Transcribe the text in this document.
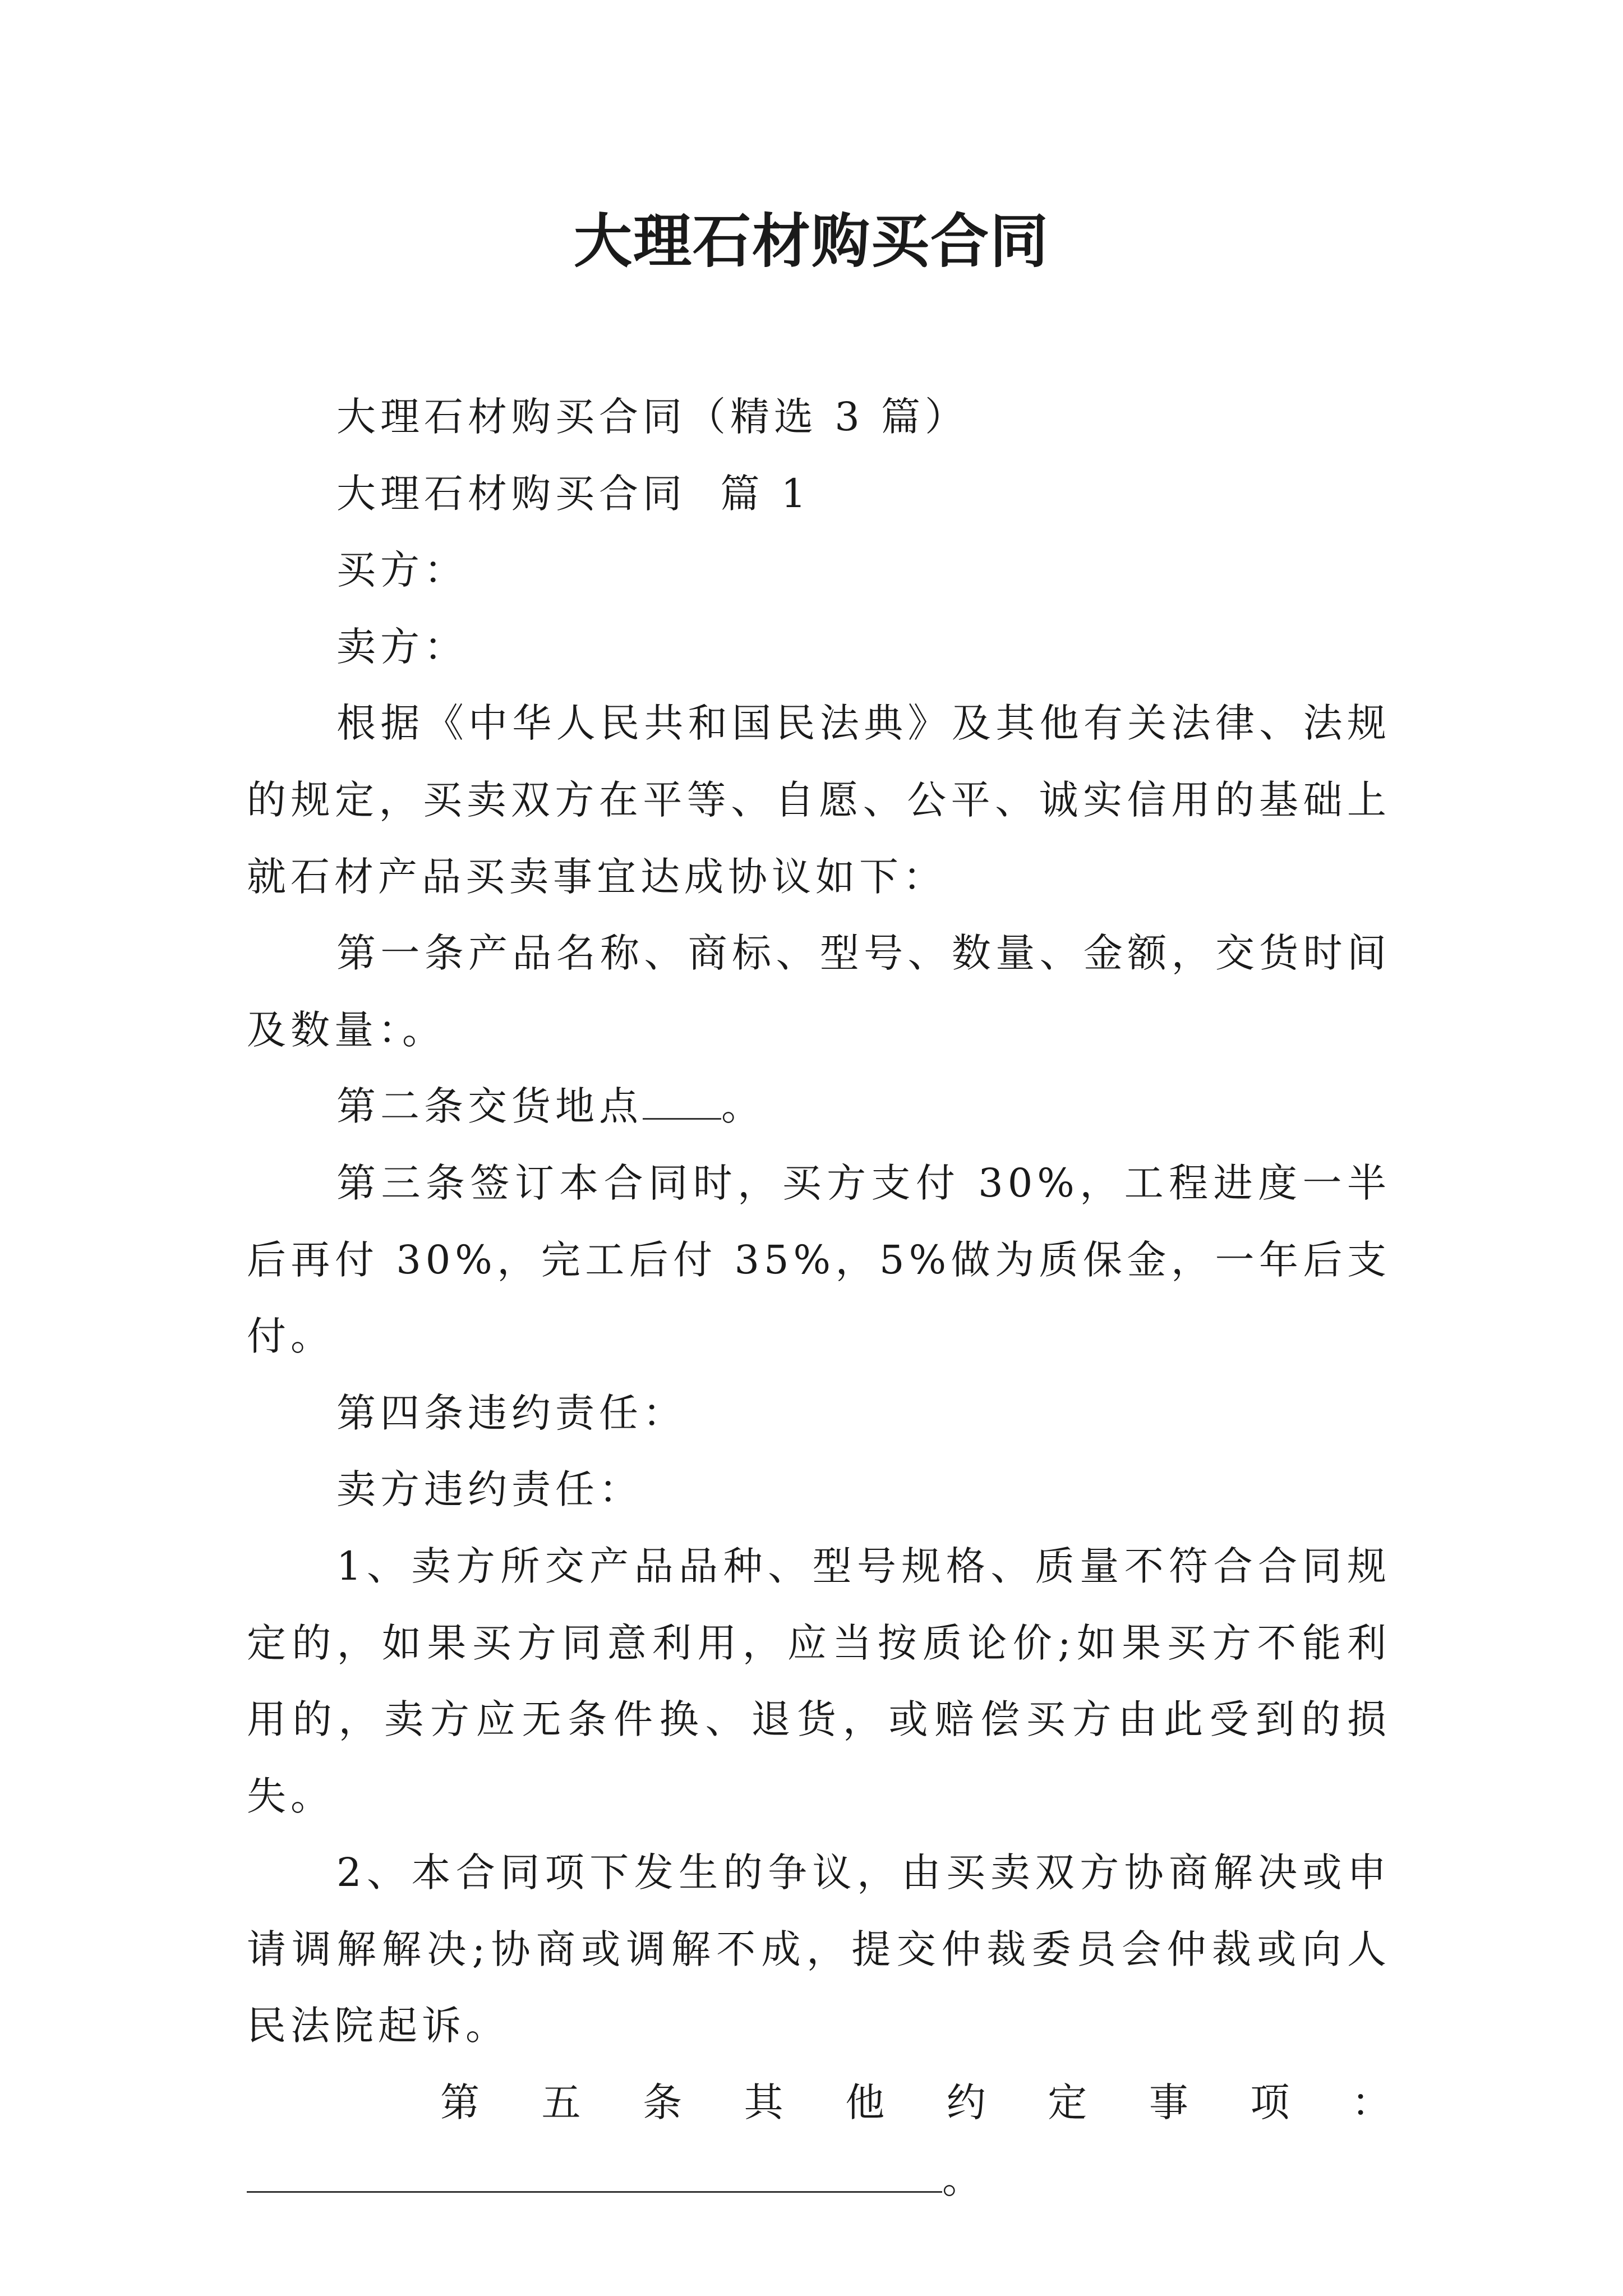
大理石材购买合同

大理石材购买合同（精选 3 篇）

大理石材购买合同  篇 1

买方：

卖方：

根据《中华人民共和国民法典》及其他有关法律、法规的规定，买卖双方在平等、自愿、公平、诚实信用的基础上就石材产品买卖事宜达成协议如下：

第一条产品名称、商标、型号、数量、金额，交货时间及数量：。

第二条交货地点 。

第三条签订本合同时，买方支付 30%，工程进度一半后再付 30%，完工后付 35%，5%做为质保金，一年后支付。

第四条违约责任：

卖方违约责任：

1、卖方所交产品品种、型号规格、质量不符合合同规定的，如果买方同意利用，应当按质论价;如果买方不能利用的，卖方应无条件换、退货，或赔偿买方由此受到的损失。

2、本合同项下发生的争议，由买卖双方协商解决或申请调解解决;协商或调解不成，提交仲裁委员会仲裁或向人民法院起诉。

第 五 条 其 他 约 定 事 项 ：

。
